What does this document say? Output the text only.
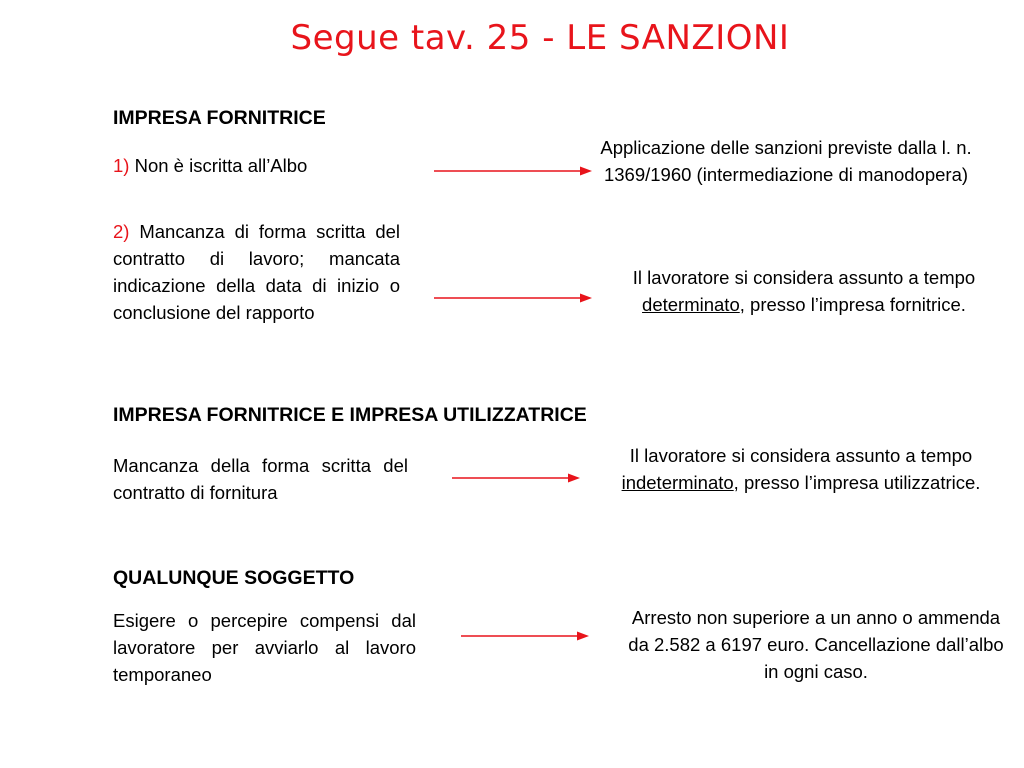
Segue tav. 25 - LE SANZIONI
IMPRESA FORNITRICE
1) Non è iscritta all’Albo
Applicazione delle sanzioni previste dalla l. n. 1369/1960 (intermediazione di manodopera)
2) Mancanza di forma scritta del contratto di lavoro; mancata indicazione della data di inizio o conclusione del rapporto
Il lavoratore si considera assunto a tempo determinato, presso l’impresa fornitrice.
IMPRESA FORNITRICE E IMPRESA UTILIZZATRICE
Mancanza della forma scritta del contratto di fornitura
Il lavoratore si considera assunto a tempo indeterminato, presso l’impresa utilizzatrice.
QUALUNQUE SOGGETTO
Esigere o percepire compensi dal lavoratore per avviarlo al lavoro temporaneo
Arresto non superiore a un anno o ammenda da 2.582 a 6197 euro. Cancellazione dall’albo in ogni caso.
